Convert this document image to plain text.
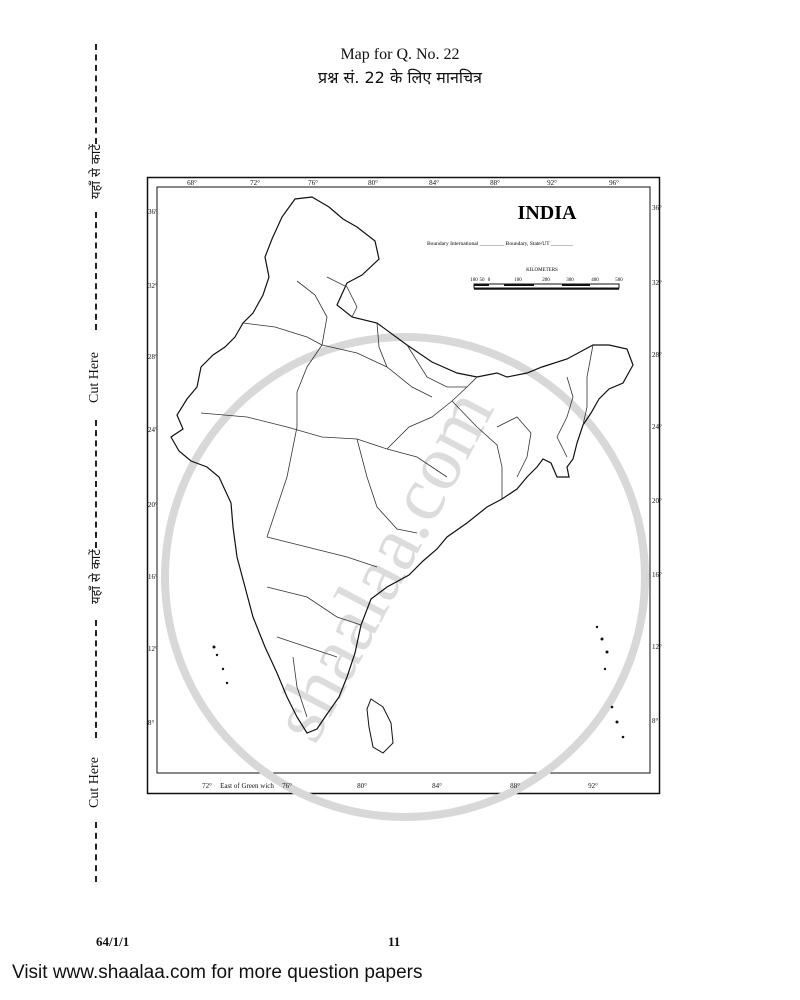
Map for Q. No. 22
प्रश्न सं. 22 के लिए मानचित्र
यहाँ से काटें
Cut Here
यहाँ से काटें
Cut Here
shaalaa.com
68°	72°	76°	80°	84°	88°	92°	96°
72° East of Green wich 76°	80°	84°	88°	92°
36°
32°
28°
24°
20°
16°
12°
8°
36°
32°
28°
24°
20°
16°
12°
8°
INDIA
Boundary International _________ Boundary, State/UT ________
KILOMETERS
100 50 0	100	200	300	400	500
64/1/1	11
Visit www.shaalaa.com for more question papers
